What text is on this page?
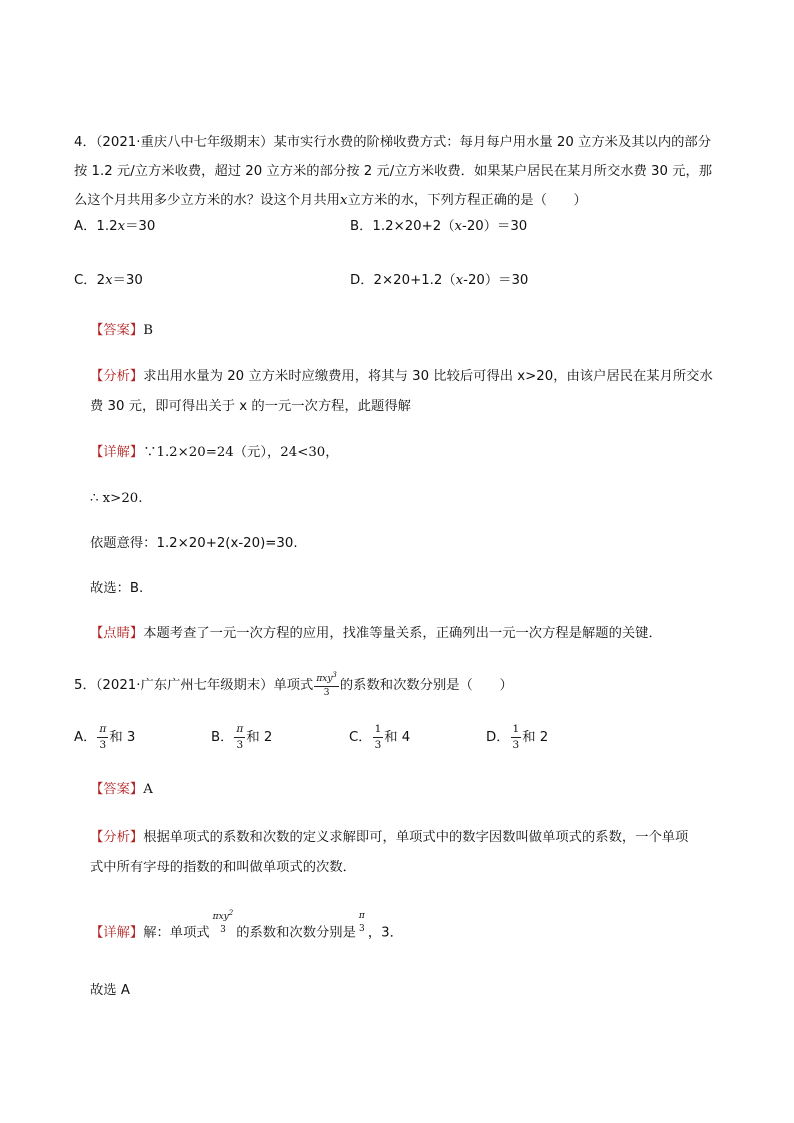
4．（2021·重庆八中七年级期末）某市实行水费的阶梯收费方式：每月每户用水量 20 立方米及其以内的部分
按 1.2 元/立方米收费，超过 20 立方米的部分按 2 元/立方米收费．如果某户居民在某月所交水费 30 元，那
么这个月共用多少立方米的水？设这个月共用x立方米的水，下列方程正确的是（　　）
A．1.2x＝30	B．1.2×20+2（x-20）＝30
C．2x＝30	D．2×20+1.2（x-20）＝30
【答案】B
【分析】求出用水量为 20 立方米时应缴费用，将其与 30 比较后可得出 x>20，由该户居民在某月所交水
费 30 元，即可得出关于 x 的一元一次方程，此题得解
【详解】∵1.2×20=24（元），24<30，
∴ x>20.
依题意得：1.2×20+2(x-20)=30.
故选：B.
【点睛】本题考查了一元一次方程的应用，找准等量关系，正确列出一元一次方程是解题的关键．
5．（2021·广东广州七年级期末）单项式 $\frac{\pi xy^3}{3}$ 的系数和次数分别是（　　）
A． $\frac{\pi}{3}$ 和 3	B． $\frac{\pi}{3}$ 和 2	C． $\frac{1}{3}$ 和 4	D． $\frac{1}{3}$ 和 2
【答案】A
【分析】根据单项式的系数和次数的定义求解即可，单项式中的数字因数叫做单项式的系数，一个单项
式中所有字母的指数的和叫做单项式的次数．
【详解】解：单项式
πxy$^2$
3 的系数和次数分别是
π
3 ，3．
故选 A
